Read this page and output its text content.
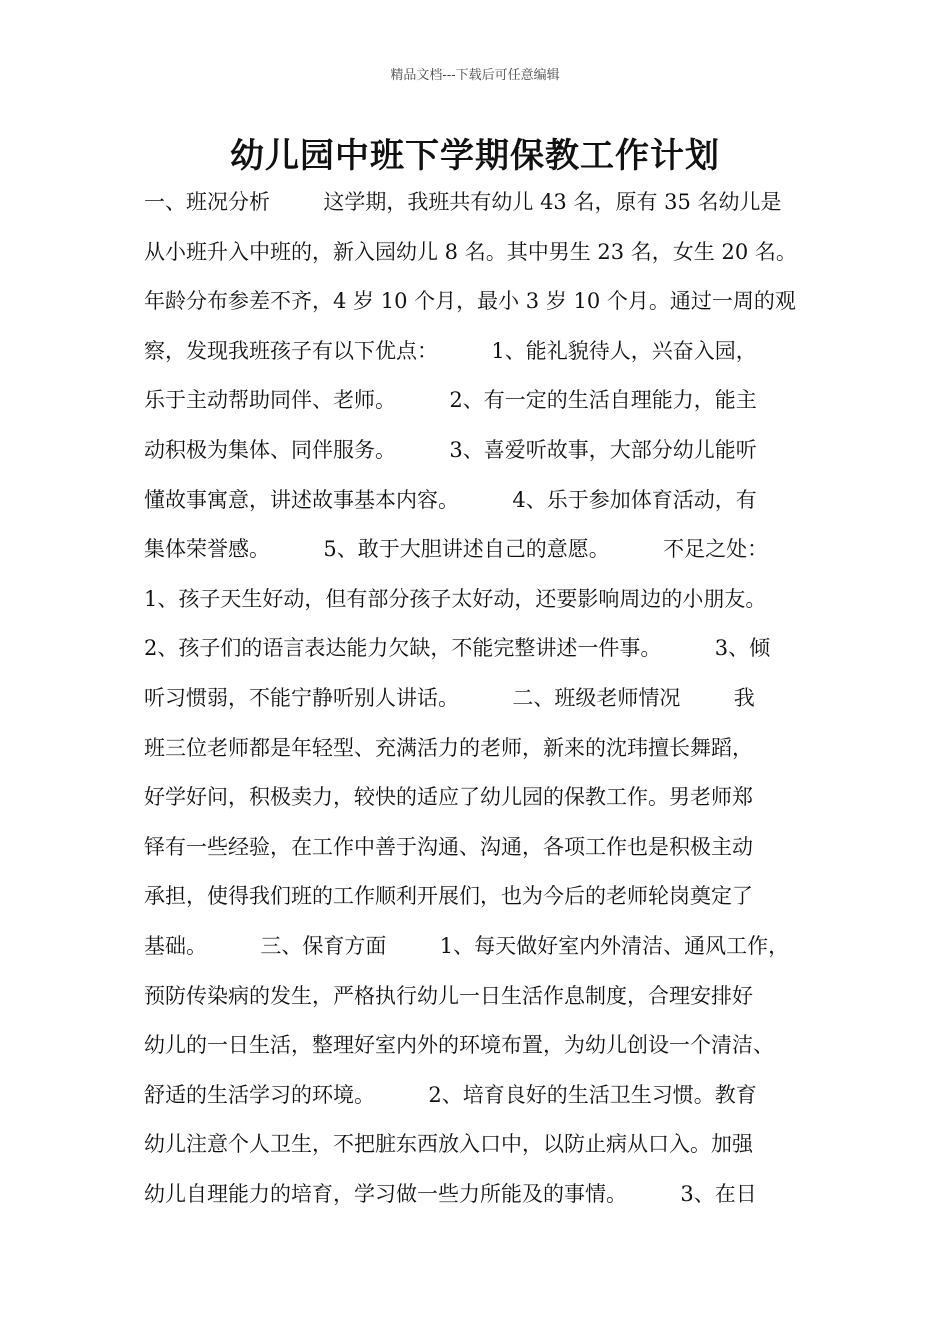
精品文档---下载后可任意编辑
幼儿园中班下学期保教工作计划
一、班况分析        这学期，我班共有幼儿 43 名，原有 35 名幼儿是
从小班升入中班的，新入园幼儿 8 名。其中男生 23 名，女生 20 名。
年龄分布参差不齐，4 岁 10 个月，最小 3 岁 10 个月。通过一周的观
察，发现我班孩子有以下优点：        1、能礼貌待人，兴奋入园，
乐于主动帮助同伴、老师。        2、有一定的生活自理能力，能主
动积极为集体、同伴服务。        3、喜爱听故事，大部分幼儿能听
懂故事寓意，讲述故事基本内容。        4、乐于参加体育活动，有
集体荣誉感。        5、敢于大胆讲述自己的意愿。        不足之处：
1、孩子天生好动，但有部分孩子太好动，还要影响周边的小朋友。
2、孩子们的语言表达能力欠缺，不能完整讲述一件事。        3、倾
听习惯弱，不能宁静听别人讲话。        二、班级老师情况        我
班三位老师都是年轻型、充满活力的老师，新来的沈玮擅长舞蹈，
好学好问，积极卖力，较快的适应了幼儿园的保教工作。男老师郑
铎有一些经验，在工作中善于沟通、沟通，各项工作也是积极主动
承担，使得我们班的工作顺利开展们，也为今后的老师轮岗奠定了
基础。        三、保育方面        1、每天做好室内外清洁、通风工作，
预防传染病的发生，严格执行幼儿一日生活作息制度，合理安排好
幼儿的一日生活，整理好室内外的环境布置，为幼儿创设一个清洁、
舒适的生活学习的环境。        2、培育良好的生活卫生习惯。教育
幼儿注意个人卫生，不把脏东西放入口中，以防止病从口入。加强
幼儿自理能力的培育，学习做一些力所能及的事情。        3、在日
